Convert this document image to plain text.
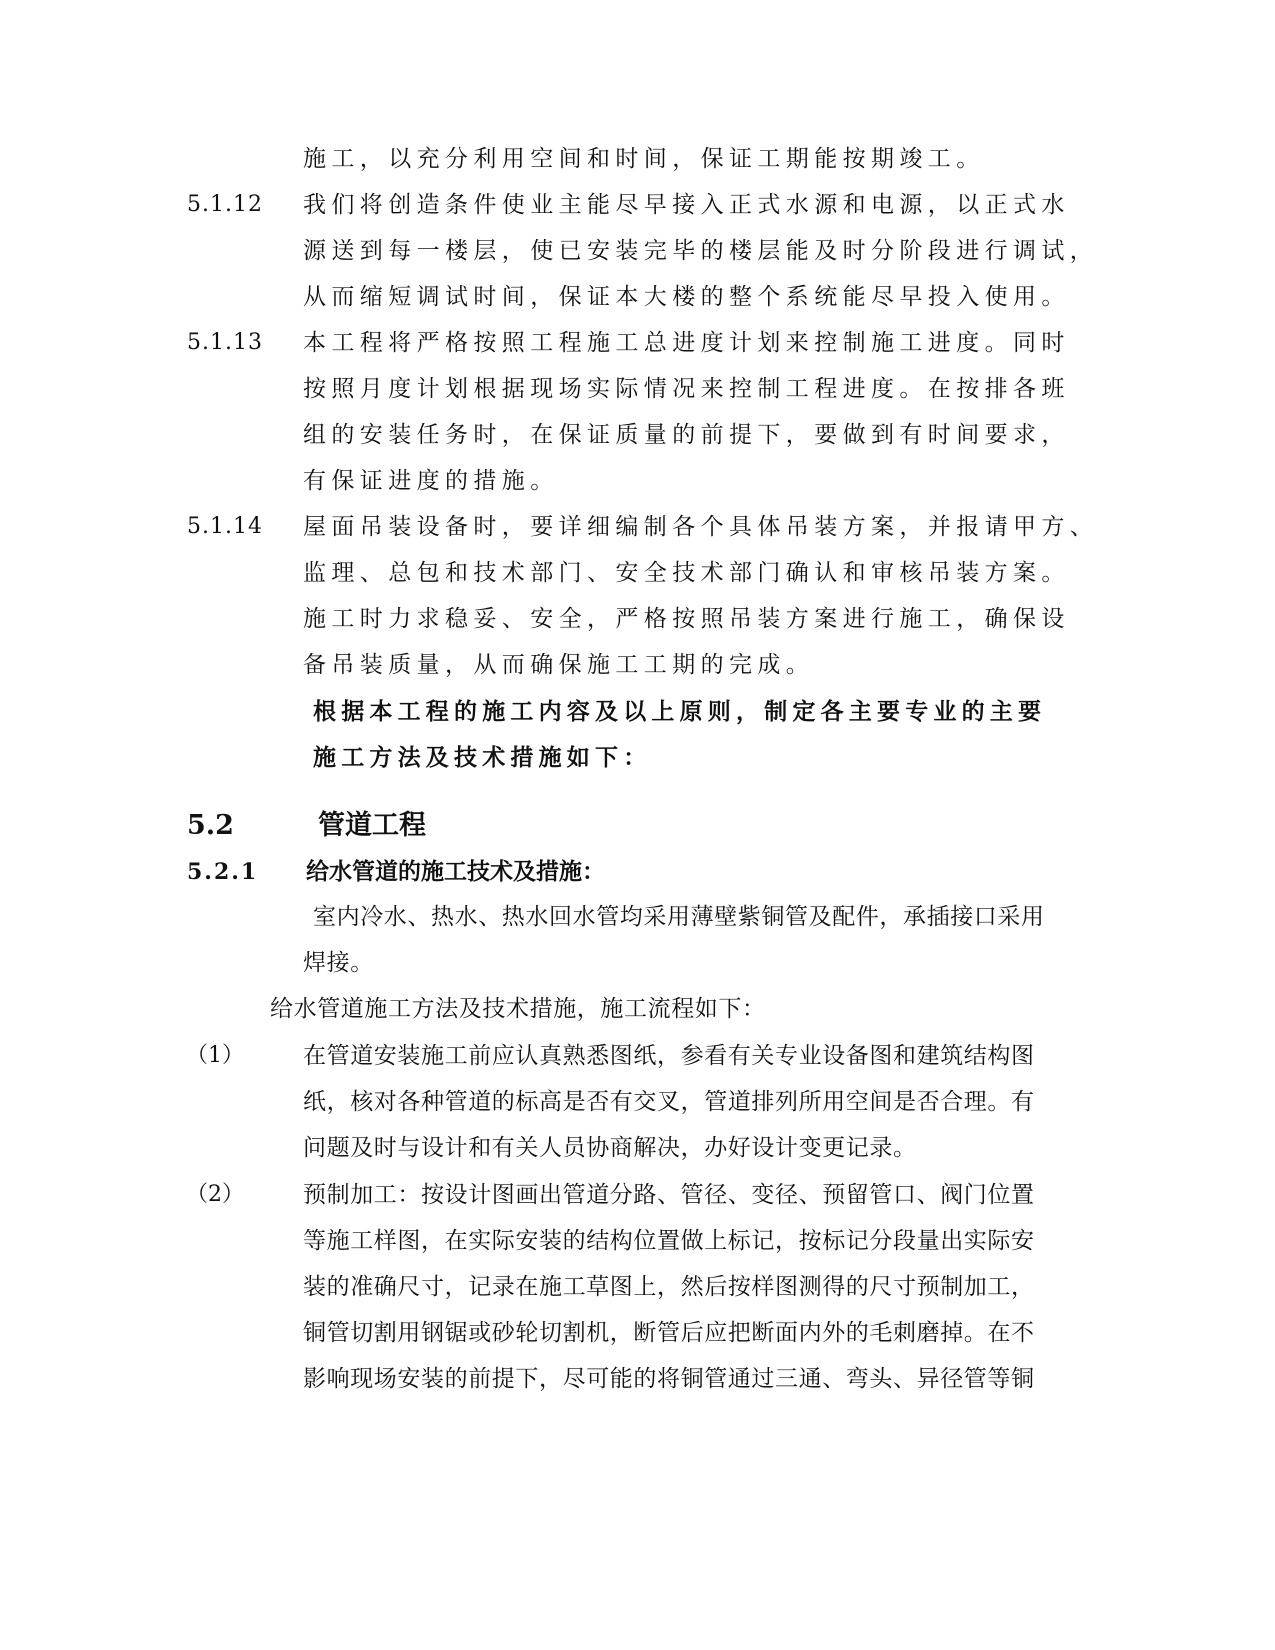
施工，以充分利用空间和时间，保证工期能按期竣工。
5.1.12 我们将创造条件使业主能尽早接入正式水源和电源，以正式水
源送到每一楼层，使已安装完毕的楼层能及时分阶段进行调试，
从而缩短调试时间，保证本大楼的整个系统能尽早投入使用。
5.1.13 本工程将严格按照工程施工总进度计划来控制施工进度。同时
按照月度计划根据现场实际情况来控制工程进度。在按排各班
组的安装任务时，在保证质量的前提下，要做到有时间要求，
有保证进度的措施。
5.1.14 屋面吊装设备时，要详细编制各个具体吊装方案，并报请甲方、
监理、总包和技术部门、安全技术部门确认和审核吊装方案。
施工时力求稳妥、安全，严格按照吊装方案进行施工，确保设
备吊装质量，从而确保施工工期的完成。
根据本工程的施工内容及以上原则，制定各主要专业的主要
施工方法及技术措施如下：
5.2	管道工程
5.2.1 给水管道的施工技术及措施：
室内冷水、热水、热水回水管均采用薄壁紫铜管及配件，承插接口采用
焊接。
给水管道施工方法及技术措施，施工流程如下：
（1）	在管道安装施工前应认真熟悉图纸，参看有关专业设备图和建筑结构图
纸，核对各种管道的标高是否有交叉，管道排列所用空间是否合理。有
问题及时与设计和有关人员协商解决，办好设计变更记录。
（2）	预制加工：按设计图画出管道分路、管径、变径、预留管口、阀门位置
等施工样图，在实际安装的结构位置做上标记，按标记分段量出实际安
装的准确尺寸，记录在施工草图上，然后按样图测得的尺寸预制加工，
铜管切割用钢锯或砂轮切割机，断管后应把断面内外的毛刺磨掉。在不
影响现场安装的前提下，尽可能的将铜管通过三通、弯头、异径管等铜
